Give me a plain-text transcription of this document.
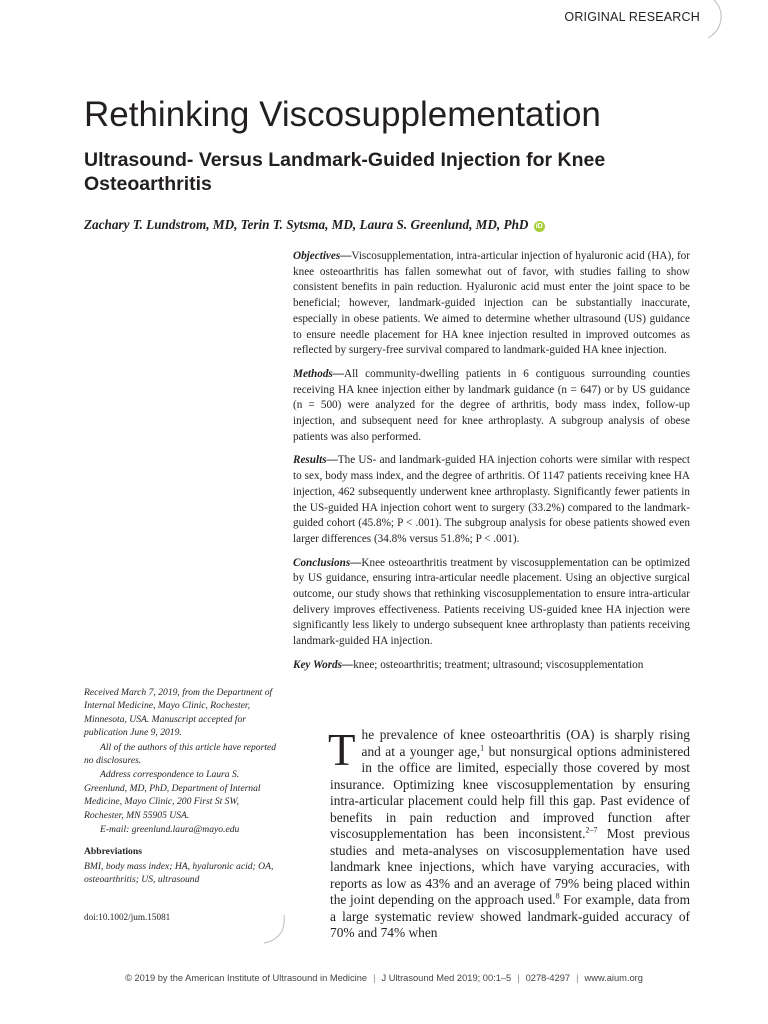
ORIGINAL RESEARCH
Rethinking Viscosupplementation
Ultrasound- Versus Landmark-Guided Injection for Knee Osteoarthritis
Zachary T. Lundstrom, MD, Terin T. Sytsma, MD, Laura S. Greenlund, MD, PhD iD

Objectives—Viscosupplementation, intra-articular injection of hyaluronic acid (HA), for knee osteoarthritis has fallen somewhat out of favor, with studies failing to show consistent benefits in pain reduction. Hyaluronic acid must enter the joint space to be beneficial; however, landmark-guided injection can be substantially inaccurate, especially in obese patients. We aimed to determine whether ultrasound (US) guidance to ensure needle placement for HA knee injection resulted in improved outcomes as reflected by surgery-free survival compared to landmark-guided HA knee injection.

Methods—All community-dwelling patients in 6 contiguous surrounding counties receiving HA knee injection either by landmark guidance (n = 647) or by US guidance (n = 500) were analyzed for the degree of arthritis, body mass index, follow-up injection, and subsequent need for knee arthroplasty. A subgroup analysis of obese patients was also performed.

Results—The US- and landmark-guided HA injection cohorts were similar with respect to sex, body mass index, and the degree of arthritis. Of 1147 patients receiving knee HA injection, 462 subsequently underwent knee arthroplasty. Significantly fewer patients in the US-guided HA injection cohort went to surgery (33.2%) compared to the landmark-guided cohort (45.8%; P < .001). The subgroup analysis for obese patients showed even larger differences (34.8% versus 51.8%; P < .001).

Conclusions—Knee osteoarthritis treatment by viscosupplementation can be optimized by US guidance, ensuring intra-articular needle placement. Using an objective surgical outcome, our study shows that rethinking viscosupplementation to ensure intra-articular delivery improves effectiveness. Patients receiving US-guided knee HA injection were significantly less likely to undergo subsequent knee arthroplasty than patients receiving landmark-guided HA injection.

Key Words—knee; osteoarthritis; treatment; ultrasound; viscosupplementation

Received March 7, 2019, from the Department of Internal Medicine, Mayo Clinic, Rochester, Minnesota, USA. Manuscript accepted for publication June 9, 2019.

All of the authors of this article have reported no disclosures.

Address correspondence to Laura S. Greenlund, MD, PhD, Department of Internal Medicine, Mayo Clinic, 200 First St SW, Rochester, MN 55905 USA.

E-mail: greenlund.laura@mayo.edu

Abbreviations

BMI, body mass index; HA, hyaluronic acid; OA, osteoarthritis; US, ultrasound

doi:10.1002/jum.15081
The prevalence of knee osteoarthritis (OA) is sharply rising and at a younger age,$^1$ but nonsurgical options administered in the office are limited, especially those covered by most insurance. Optimizing knee viscosupplementation by ensuring intra-articular placement could help fill this gap. Past evidence of benefits in pain reduction and improved function after viscosupplementation has been inconsistent.$^{2-7}$ Most previous studies and meta-analyses on viscosupplementation have used landmark knee injections, which have varying accuracies, with reports as low as 43% and an average of 79% being placed within the joint depending on the approach used.$^8$ For example, data from a large systematic review showed landmark-guided accuracy of 70% and 74% when
© 2019 by the American Institute of Ultrasound in Medicine | J Ultrasound Med 2019; 00:1–5 | 0278-4297 | www.aium.org
